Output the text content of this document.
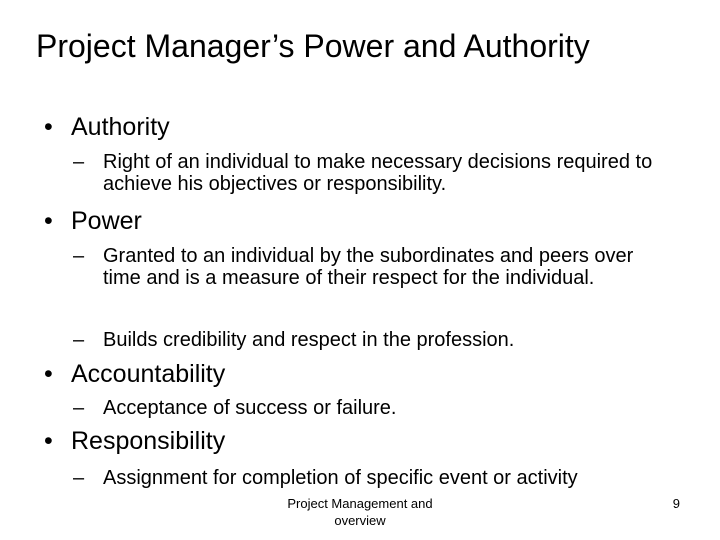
Project Manager’s Power and Authority
• Authority
– Right of an individual to make necessary decisions required to achieve his objectives or responsibility.
• Power
– Granted to an individual by the subordinates and peers over time and is a measure of their respect for the individual.
– Builds credibility and respect in the profession.
• Accountability
– Acceptance of success or failure.
• Responsibility
– Assignment for completion of specific event or activity
Project Management and overview
9
